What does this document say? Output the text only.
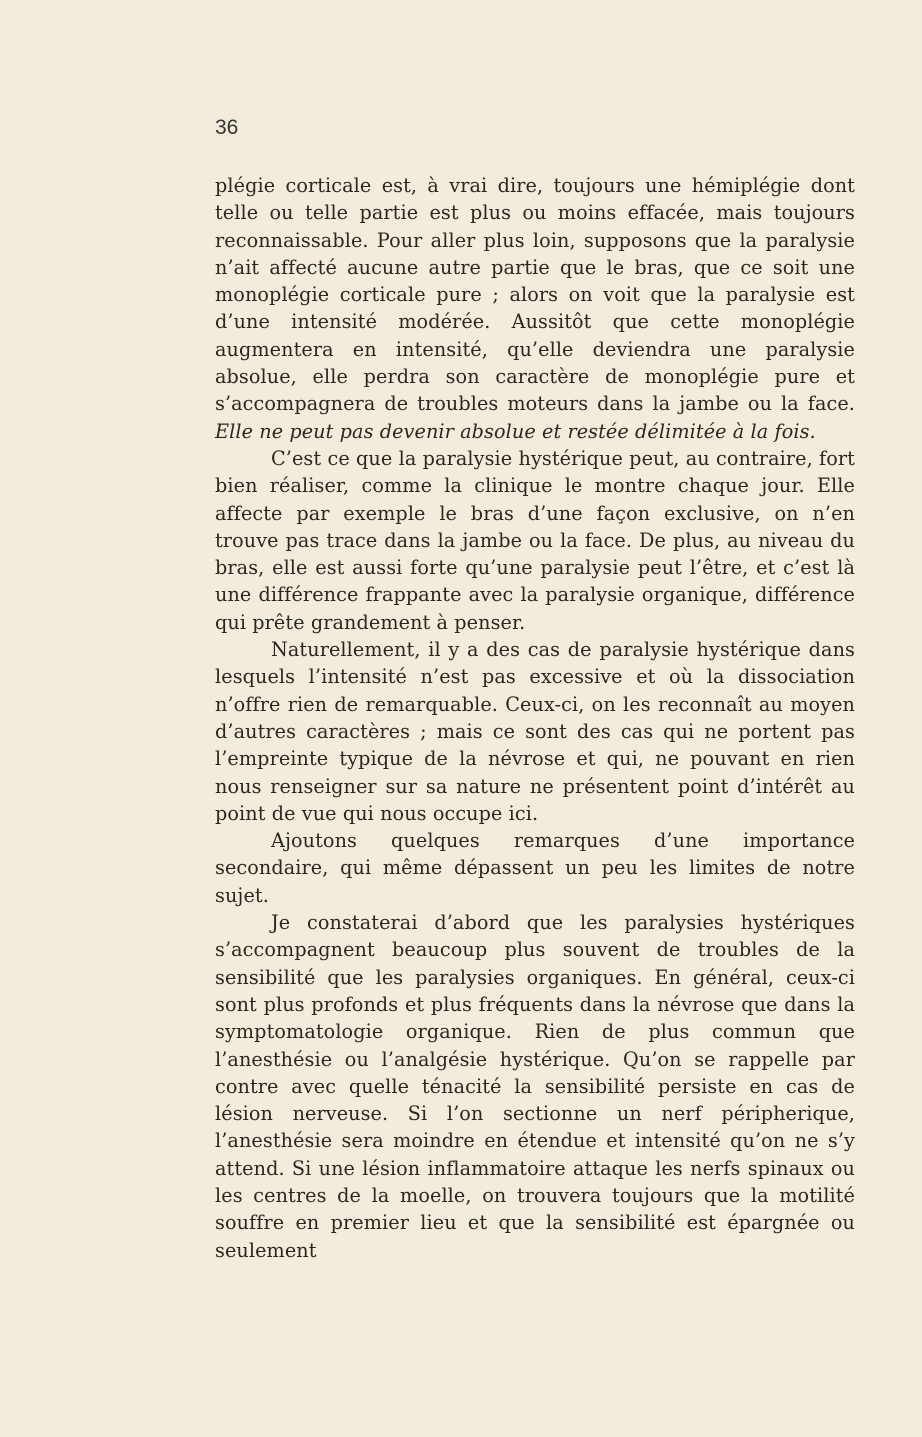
36

plégie corticale est, à vrai dire, toujours une hémiplégie dont telle ou telle partie est plus ou moins effacée, mais toujours reconnaissable. Pour aller plus loin, supposons que la paralysie n’ait affecté aucune autre partie que le bras, que ce soit une monoplégie corticale pure ; alors on voit que la paralysie est d’une intensité modérée. Aussitôt que cette monoplégie augmentera en intensité, qu’elle deviendra une paralysie absolue, elle perdra son caractère de monoplégie pure et s’accompagnera de troubles moteurs dans la jambe ou la face. Elle ne peut pas devenir absolue et restée délimitée à la fois.

C’est ce que la paralysie hystérique peut, au contraire, fort bien réaliser, comme la clinique le montre chaque jour. Elle affecte par exemple le bras d’une façon exclusive, on n’en trouve pas trace dans la jambe ou la face. De plus, au niveau du bras, elle est aussi forte qu’une paralysie peut l’être, et c’est là une différence frappante avec la paralysie organique, différence qui prête grandement à penser.

Naturellement, il y a des cas de paralysie hystérique dans lesquels l’intensité n’est pas excessive et où la dissociation n’offre rien de remarquable. Ceux-ci, on les reconnaît au moyen d’autres caractères ; mais ce sont des cas qui ne portent pas l’empreinte typique de la névrose et qui, ne pouvant en rien nous renseigner sur sa nature ne présentent point d’intérêt au point de vue qui nous occupe ici.

Ajoutons quelques remarques d’une importance secondaire, qui même dépassent un peu les limites de notre sujet.

Je constaterai d’abord que les paralysies hystériques s’accompagnent beaucoup plus souvent de troubles de la sensibilité que les paralysies organiques. En général, ceux-ci sont plus profonds et plus fréquents dans la névrose que dans la symptomatologie organique. Rien de plus commun que l’anesthésie ou l’analgésie hystérique. Qu’on se rappelle par contre avec quelle ténacité la sensibilité persiste en cas de lésion nerveuse. Si l’on sectionne un nerf péripherique, l’anesthésie sera moindre en étendue et intensité qu’on ne s’y attend. Si une lésion inflammatoire attaque les nerfs spinaux ou les centres de la moelle, on trouvera toujours que la motilité souffre en premier lieu et que la sensibilité est épargnée ou seulement
